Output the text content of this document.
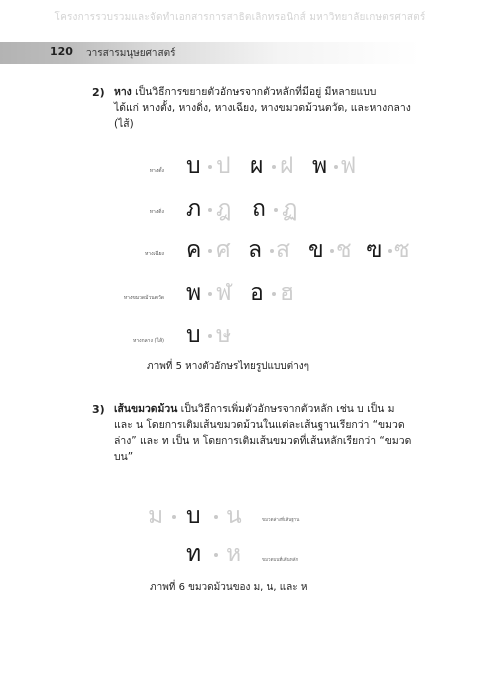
โครงการรวบรวมและจัดทำเอกสารการสาธิตเลิกทรอนิกส์ มหาวิทยาลัยเกษตรศาสตร์
120 วารสารมนุษยศาสตร์
2) หาง เป็นวิธีการขยายตัวอักษรจากตัวหลักที่มีอยู่ มีหลายแบบ
ได้แก่ หางตั้ง, หางดิ่ง, หางเฉียง, หางขมวดม้วนตวัด, และหางกลาง
(ไส้)
หางตั้ง บ ป ผ ฝ พ ฟ
หางดิ่ง ภ ฎ ถ ฏ
หางเฉียง ค ศ ล ส ข ช ฃ ซ
หางขมวดม้วนตวัด พ ฬ อ ฮ
หางกลาง (ไส้) บ ษ
ภาพที่ 5 หางตัวอักษรไทยรูปแบบต่างๆ
3) เส้นขมวดม้วน เป็นวิธีการเพิ่มตัวอักษรจากตัวหลัก เช่น บ เป็น ม
และ น โดยการเติมเส้นขมวดม้วนในแต่ละเส้นฐานเรียกว่า “ขมวด
ล่าง” และ ท เป็น ห โดยการเติมเส้นขมวดที่เส้นหลักเรียกว่า “ขมวด
บน”
ม บ น	ขมวดล่างที่เส้นฐาน
ท ห	ขมวดบนที่เส้นหลัก
ภาพที่ 6 ขมวดม้วนของ ม, น, และ ห
